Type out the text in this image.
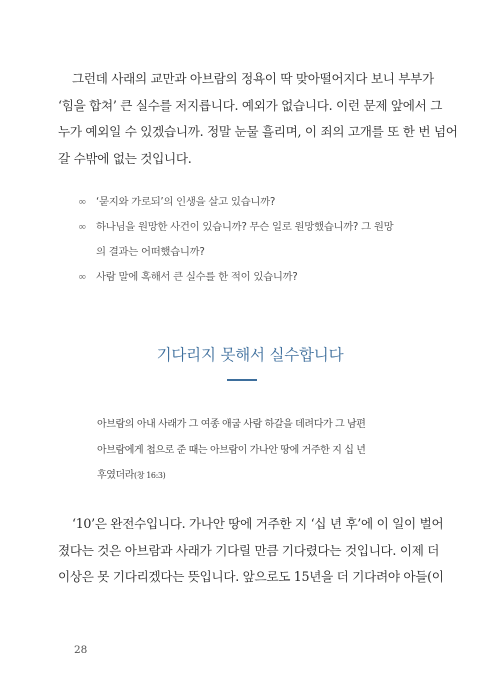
그런데 사래의 교만과 아브람의 정욕이 딱 맞아떨어지다 보니 부부가
‘힘을 합쳐’ 큰 실수를 저지릅니다. 예외가 없습니다. 이런 문제 앞에서 그
누가 예외일 수 있겠습니까. 정말 눈물 흘리며, 이 죄의 고개를 또 한 번 넘어
갈 수밖에 없는 것입니다.
∞ ‘묻지와 가로되’의 인생을 살고 있습니까?
∞ 하나님을 원망한 사건이 있습니까? 무슨 일로 원망했습니까? 그 원망
의 결과는 어떠했습니까?
∞ 사람 말에 혹해서 큰 실수를 한 적이 있습니까?
기다리지 못해서 실수합니다
아브람의 아내 사래가 그 여종 애굽 사람 하갈을 데려다가 그 남편
아브람에게 첩으로 준 때는 아브람이 가나안 땅에 거주한 지 십 년
후였더라(창 16:3)
‘10’은 완전수입니다. 가나안 땅에 거주한 지 ‘십 년 후’에 이 일이 벌어
졌다는 것은 아브람과 사래가 기다릴 만큼 기다렸다는 것입니다. 이제 더
이상은 못 기다리겠다는 뜻입니다. 앞으로도 15년을 더 기다려야 아들(이
28
